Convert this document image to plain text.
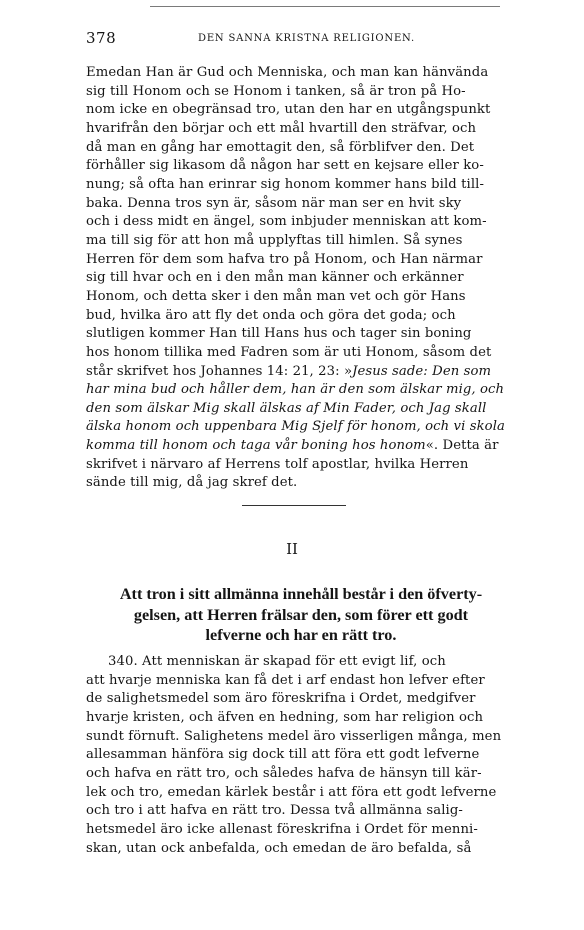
378	DEN SANNA KRISTNA RELIGIONEN.
Emedan Han är Gud och Menniska, och man kan hänvända
sig till Honom och se Honom i tanken, så är tron på Ho-
nom icke en obegränsad tro, utan den har en utgångspunkt
hvarifrån den börjar och ett mål hvartill den sträfvar, och
då man en gång har emottagit den, så förblifver den. Det
förhåller sig likasom då någon har sett en kejsare eller ko-
nung; så ofta han erinrar sig honom kommer hans bild till-
baka. Denna tros syn är, såsom när man ser en hvit sky
och i dess midt en ängel, som inbjuder menniskan att kom-
ma till sig för att hon må upplyftas till himlen. Så synes
Herren för dem som hafva tro på Honom, och Han närmar
sig till hvar och en i den mån man känner och erkänner
Honom, och detta sker i den mån man vet och gör Hans
bud, hvilka äro att fly det onda och göra det goda; och
slutligen kommer Han till Hans hus och tager sin boning
hos honom tillika med Fadren som är uti Honom, såsom det
står skrifvet hos Johannes 14: 21, 23: »Jesus sade: Den som
har mina bud och håller dem, han är den som älskar mig, och
den som älskar Mig skall älskas af Min Fader, och Jag skall
älska honom och uppenbara Mig Sjelf för honom, och vi skola
komma till honom och taga vår boning hos honom«. Detta är
skrifvet i närvaro af Herrens tolf apostlar, hvilka Herren
sände till mig, då jag skref det.
II
Att tron i sitt allmänna innehåll består i den öfverty-
gelsen, att Herren frälsar den, som förer ett godt
lefverne och har en rätt tro.
340. Att menniskan är skapad för ett evigt lif, och
att hvarje menniska kan få det i arf endast hon lefver efter
de salighetsmedel som äro föreskrifna i Ordet, medgifver
hvarje kristen, och äfven en hedning, som har religion och
sundt förnuft. Salighetens medel äro visserligen många, men
allesamman hänföra sig dock till att föra ett godt lefverne
och hafva en rätt tro, och således hafva de hänsyn till kär-
lek och tro, emedan kärlek består i att föra ett godt lefverne
och tro i att hafva en rätt tro. Dessa två allmänna salig-
hetsmedel äro icke allenast föreskrifna i Ordet för menni-
skan, utan ock anbefalda, och emedan de äro befalda, så
